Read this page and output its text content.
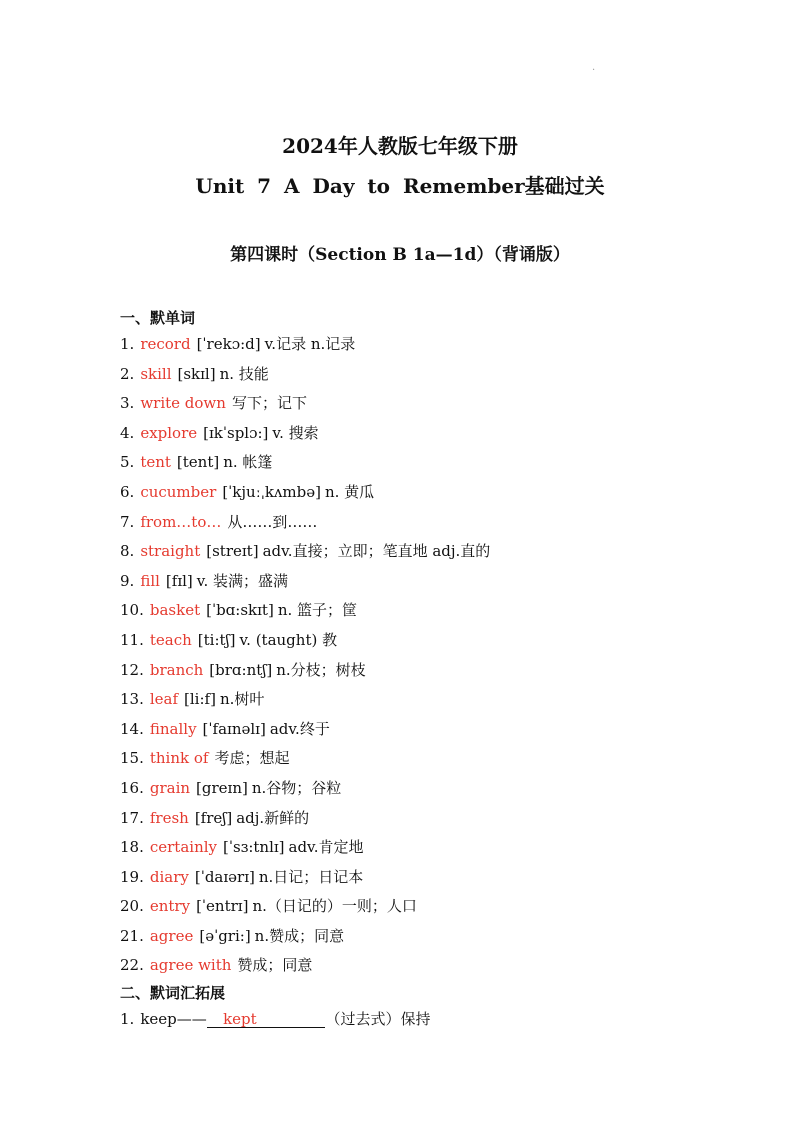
.
2024年人教版七年级下册
Unit 7 A Day to Remember基础过关
第四课时（Section B 1a—1d）（背诵版）
一、默单词
1. record [ˈrekɔ:d] v.记录 n.记录
2. skill [skɪl] n. 技能
3. write down 写下；记下
4. explore [ɪkˈsplɔ:] v. 搜索
5. tent [tent] n. 帐篷
6. cucumber [ˈkjuːˌkʌmbə] n. 黄瓜
7. from…to… 从……到……
8. straight [streɪt] adv.直接；立即；笔直地 adj.直的
9. fill [fɪl] v. 装满；盛满
10. basket [ˈbɑ:skɪt] n. 篮子；筐
11. teach [ti:tʃ] v. (taught) 教
12. branch [brɑ:ntʃ] n.分枝；树枝
13. leaf [li:f] n.树叶
14. finally [ˈfaɪnəlɪ] adv.终于
15. think of 考虑；想起
16. grain [greɪn] n.谷物；谷粒
17. fresh [freʃ] adj.新鲜的
18. certainly [ˈsɜ:tnlɪ] adv.肯定地
19. diary [ˈdaɪərɪ] n.日记；日记本
20. entry [ˈentrɪ] n.（日记的）一则；人口
21. agree [əˈgri:] n.赞成；同意
22. agree with 赞成；同意
二、默词汇拓展
1. keep—— kept	（过去式）保持
